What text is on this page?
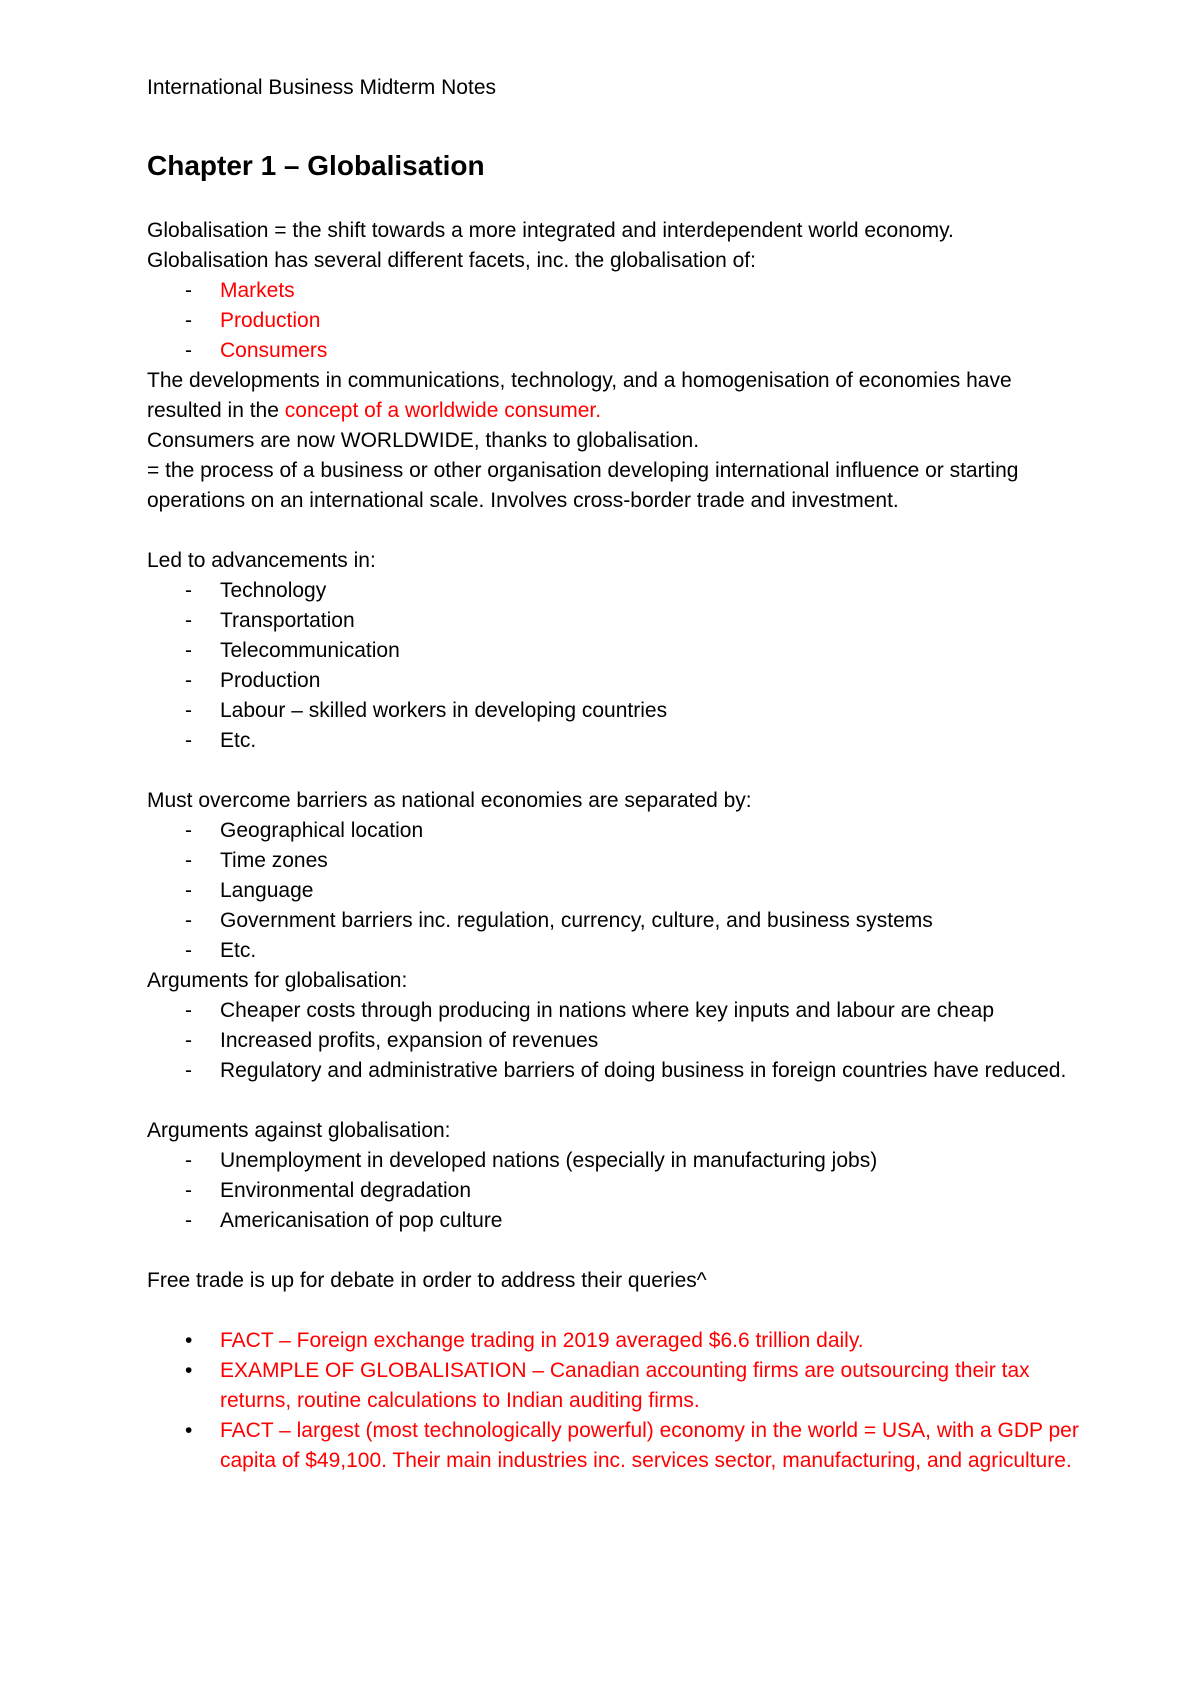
International Business Midterm Notes
Chapter 1 – Globalisation

Globalisation = the shift towards a more integrated and interdependent world economy.

Globalisation has several different facets, inc. the globalisation of:

-	Markets
-	Production
-	Consumers

The developments in communications, technology, and a homogenisation of economies have resulted in the concept of a worldwide consumer.

Consumers are now WORLDWIDE, thanks to globalisation.

= the process of a business or other organisation developing international influence or starting operations on an international scale. Involves cross-border trade and investment.

Led to advancements in:

-	Technology
-	Transportation
-	Telecommunication
-	Production
-	Labour – skilled workers in developing countries
-	Etc.

Must overcome barriers as national economies are separated by:

-	Geographical location
-	Time zones
-	Language
-	Government barriers inc. regulation, currency, culture, and business systems
-	Etc.

Arguments for globalisation:

-	Cheaper costs through producing in nations where key inputs and labour are cheap
-	Increased profits, expansion of revenues
-	Regulatory and administrative barriers of doing business in foreign countries have reduced.

Arguments against globalisation:

-	Unemployment in developed nations (especially in manufacturing jobs)
-	Environmental degradation
-	Americanisation of pop culture

Free trade is up for debate in order to address their queries^

•	FACT – Foreign exchange trading in 2019 averaged $6.6 trillion daily.
•	EXAMPLE OF GLOBALISATION – Canadian accounting firms are outsourcing their tax returns, routine calculations to Indian auditing firms.
•	FACT – largest (most technologically powerful) economy in the world = USA, with a GDP per capita of $49,100. Their main industries inc. services sector, manufacturing, and agriculture.
